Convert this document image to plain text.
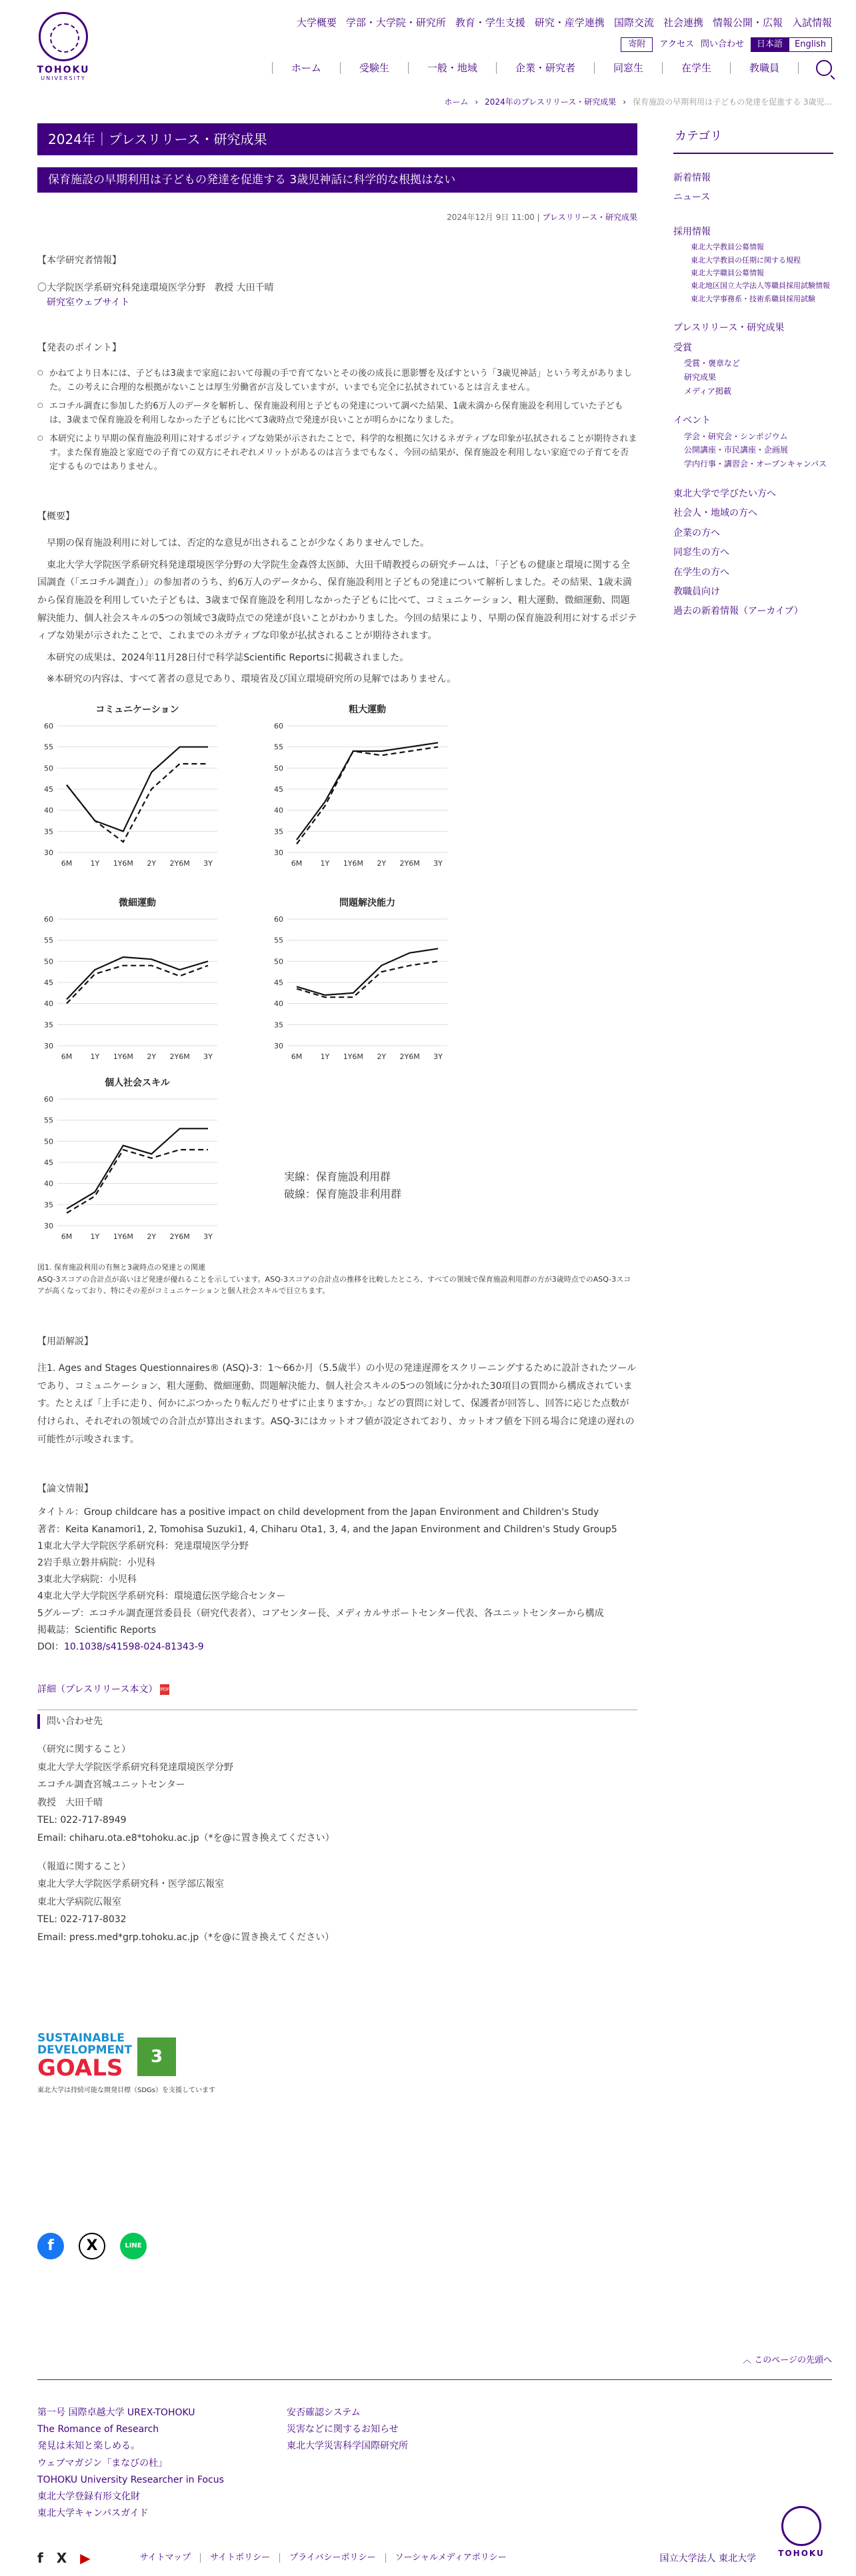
TOHOKU
UNIVERSITY
大学概要 学部・大学院・研究所 教育・学生支援 研究・産学連携 国際交流 社会連携 情報公開・広報 入試情報
寄附	アクセス 問い合わせ	日本語	English
ホーム	受験生	一般・地域	企業・研究者	同窓生	在学生	教職員
ホーム › 2024年のプレスリリース・研究成果 › 保育施設の早期利用は子どもの発達を促進する 3歳児...
2024年｜プレスリリース・研究成果
保育施設の早期利用は子どもの発達を促進する 3歳児神話に科学的な根拠はない
2024年12月 9日 11:00 | プレスリリース・研究成果
【本学研究者情報】
〇大学院医学系研究科発達環境医学分野　教授 大田千晴
研究室ウェブサイト
【発表のポイント】
○ かねてより日本には、子どもは3歳まで家庭において母親の手で育てないとその後の成長に悪影響を及ぼすという「3歳児神話」という考えがありました。この考えに合理的な根拠がないことは厚生労働省が言及していますが、いまでも完全に払拭されているとは言えません。
○ エコチル調査に参加した約6万人のデータを解析し、保育施設利用と子どもの発達について調べた結果、1歳未満から保育施設を利用していた子どもは、3歳まで保育施設を利用しなかった子どもに比べて3歳時点で発達が良いことが明らかになりました。
○ 本研究により早期の保育施設利用に対するポジティブな効果が示されたことで、科学的な根拠に欠けるネガティブな印象が払拭されることが期待されます。また保育施設と家庭での子育ての双方にそれぞれメリットがあるのは言うまでもなく、今回の結果が、保育施設を利用しない家庭での子育てを否定するものではありません。
【概要】

早期の保育施設利用に対しては、否定的な意見が出されることが少なくありませんでした。

東北大学大学院医学系研究科発達環境医学分野の大学院生金森啓太医師、大田千晴教授らの研究チームは、「子どもの健康と環境に関する全国調査（「エコチル調査」）」の参加者のうち、約6万人のデータから、保育施設利用と子どもの発達について解析しました。その結果、1歳未満から保育施設を利用していた子どもは、3歳まで保育施設を利用しなかった子どもに比べて、コミュニケーション、粗大運動、微細運動、問題解決能力、個人社会スキルの5つの領域で3歳時点での発達が良いことがわかりました。今回の結果により、早期の保育施設利用に対するポジティブな効果が示されたことで、これまでのネガティブな印象が払拭されることが期待されます。

本研究の成果は、2024年11月28日付で科学誌Scientific Reportsに掲載されました。

※本研究の内容は、すべて著者の意見であり、環境省及び国立環境研究所の見解ではありません。

コミュニケーション
30
35
40
45
50
55
60
6M 1Y 1Y6M 2Y 2Y6M 3Y
粗大運動
30
35
40
45
50
55
60
6M 1Y 1Y6M 2Y 2Y6M 3Y
微細運動
30
35
40
45
50
55
60
6M 1Y 1Y6M 2Y 2Y6M 3Y
問題解決能力
30
35
40
45
50
55
60
6M 1Y 1Y6M 2Y 2Y6M 3Y
個人社会スキル
30
35
40
45
50
55
60
6M 1Y 1Y6M 2Y 2Y6M 3Y
実線：保育施設利用群
破線：保育施設非利用群
図1. 保育施設利用の有無と3歳時点の発達との関連
ASQ-3スコアの合計点が高いほど発達が優れることを示しています。ASQ-3スコアの合計点の推移を比較したところ、すべての領域で保育施設利用群の方が3歳時点でのASQ-3スコアが高くなっており、特にその差がコミュニケーションと個人社会スキルで目立ちます。
【用語解説】

注1. Ages and Stages Questionnaires® (ASQ)-3：1〜66か月（5.5歳半）の小児の発達遅滞をスクリーニングするために設計されたツールであり、コミュニケーション、粗大運動、微細運動、問題解決能力、個人社会スキルの5つの領域に分かれた30項目の質問から構成されています。たとえば「上手に走り、何かにぶつかったり転んだりせずに止まりますか。」などの質問に対して、保護者が回答し、回答に応じた点数が付けられ、それぞれの領域での合計点が算出されます。ASQ-3にはカットオフ値が設定されており、カットオフ値を下回る場合に発達の遅れの可能性が示唆されます。

【論文情報】

タイトル：Group childcare has a positive impact on child development from the Japan Environment and Children's Study

著者：Keita Kanamori1, 2, Tomohisa Suzuki1, 4, Chiharu Ota1, 3, 4, and the Japan Environment and Children's Study Group5

1東北大学大学院医学系研究科：発達環境医学分野

2岩手県立磐井病院：小児科

3東北大学病院：小児科

4東北大学大学院医学系研究科：環境遺伝医学総合センター

5グループ：エコチル調査運営委員長（研究代表者）、コアセンター長、メディカルサポートセンター代表、各ユニットセンターから構成

掲載誌：Scientific Reports

DOI：10.1038/s41598-024-81343-9

詳細（プレスリリース本文） PDF
問い合わせ先

（研究に関すること）

東北大学大学院医学系研究科発達環境医学分野

エコチル調査宮城ユニットセンター

教授　大田千晴

TEL: 022-717-8949

Email: chiharu.ota.e8*tohoku.ac.jp（*を@に置き換えてください）

（報道に関すること）

東北大学大学院医学系研究科・医学部広報室

東北大学病院広報室

TEL: 022-717-8032

Email: press.med*grp.tohoku.ac.jp（*を@に置き換えてください）

SUSTAINABLE
DEVELOPMENT
GOALS	3
東北大学は持続可能な開発目標（SDGs）を支援しています
f	X	LINE
カテゴリ
新着情報
ニュース
採用情報
東北大学教員公募情報
東北大学教員の任期に関する規程
東北大学職員公募情報
東北地区国立大学法人等職員採用試験情報
東北大学事務系・技術系職員採用試験
プレスリリース・研究成果
受賞
受賞・褒章など
研究成果
メディア掲載
イベント
学会・研究会・シンポジウム
公開講座・市民講座・企画展
学内行事・講習会・オープンキャンパス
東北大学で学びたい方へ
社会人・地域の方へ
企業の方へ
同窓生の方へ
在学生の方へ
教職員向け
過去の新着情報（アーカイブ）
︿ このページの先頭へ
第一号 国際卓越大学 UREX-TOHOKU
The Romance of Research
発見は未知と楽しめる。
ウェブマガジン「まなびの杜」
TOHOKU University Researcher in Focus
東北大学登録有形文化財
東北大学キャンパスガイド
安否確認システム
災害などに関するお知らせ
東北大学災害科学国際研究所
TOHOKU
f X ▶	サイトマップ	サイトポリシー	プライバシーポリシー	ソーシャルメディアポリシー	国立大学法人 東北大学
